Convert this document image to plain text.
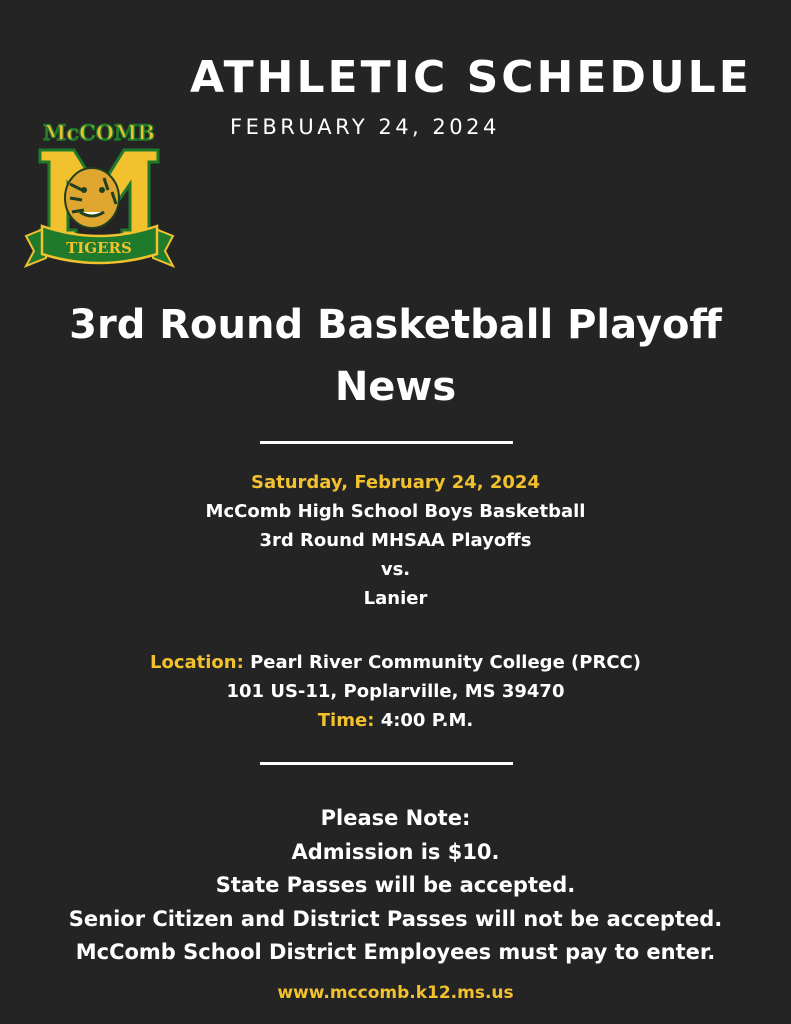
ATHLETIC SCHEDULE
FEBRUARY 24, 2024
McCOMB
TIGERS
3rd Round Basketball Playoff
News
Saturday, February 24, 2024
McComb High School Boys Basketball
3rd Round MHSAA Playoffs
vs.
Lanier
Location: Pearl River Community College (PRCC)
101 US-11, Poplarville, MS 39470
Time: 4:00 P.M.
Please Note:
Admission is $10.
State Passes will be accepted.
Senior Citizen and District Passes will not be accepted.
McComb School District Employees must pay to enter.
www.mccomb.k12.ms.us
